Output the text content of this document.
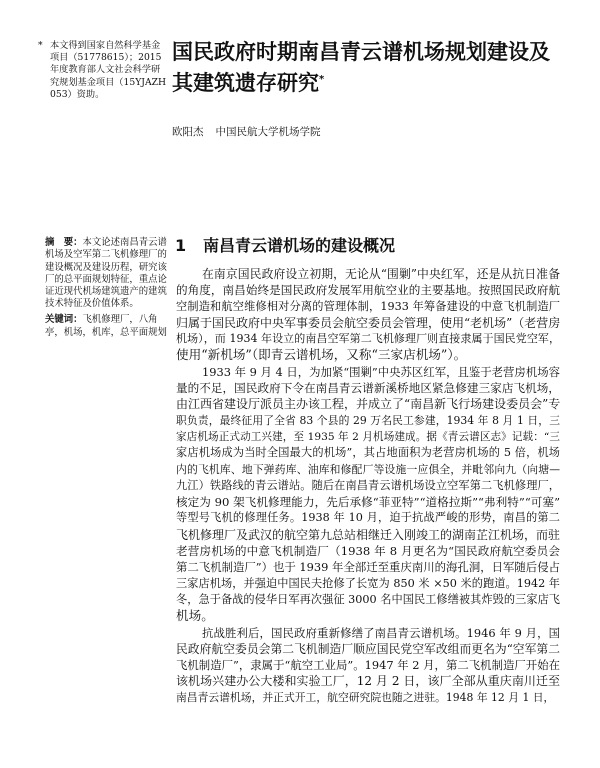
* 本文得到国家自然科学基金项目（51778615）；2015 年度教育部人文社会科学研究规划基金项目（15YJAZH053）资助。
国民政府时期南昌青云谱机场规划建设及
其建筑遗存研究*
欧阳杰 中国民航大学机场学院
摘　要：本文论述南昌青云谱机场及空军第二飞机修理厂的建设概况及建设历程，研究该厂的总平面规划特征，重点论证近现代机场建筑遗产的建筑技术特征及价值体系。
关键词：飞机修理厂，八角亭，机场，机库，总平面规划
1 南昌青云谱机场的建设概况
在南京国民政府设立初期，无论从“围剿”中央红军，还是从抗日准备
的角度，南昌始终是国民政府发展军用航空业的主要基地。按照国民政府航
空制造和航空维修相对分离的管理体制，1933 年筹备建设的中意飞机制造厂
归属于国民政府中央军事委员会航空委员会管理，使用“老机场”（老营房
机场），而 1934 年设立的南昌空军第二飞机修理厂则直接隶属于国民党空军，
使用“新机场”（即青云谱机场，又称“三家店机场”）。
1933 年 9 月 4 日，为加紧“围剿”中央苏区红军，且鉴于老营房机场容
量的不足，国民政府下令在南昌青云谱新溪桥地区紧急修建三家店飞机场，
由江西省建设厅派员主办该工程，并成立了“南昌新飞行场建设委员会”专
职负责，最终征用了全省 83 个县的 29 万名民工参建，1934 年 8 月 1 日，三
家店机场正式动工兴建，至 1935 年 2 月机场建成。据《青云谱区志》记载：“三
家店机场成为当时全国最大的机场”，其占地面积为老营房机场的 5 倍，机场
内的飞机库、地下弹药库、油库和修配厂等设施一应俱全，并毗邻向九（向塘—
九江）铁路线的青云谱站。随后在南昌青云谱机场设立空军第二飞机修理厂，
核定为 90 架飞机修理能力，先后承修“菲亚特”“道格拉斯”“弗利特”“可塞”
等型号飞机的修理任务。1938 年 10 月，迫于抗战严峻的形势，南昌的第二
飞机修理厂及武汉的航空第九总站相继迁入刚竣工的湖南芷江机场，而驻
老营房机场的中意飞机制造厂（1938 年 8 月更名为“国民政府航空委员会
第二飞机制造厂”）也于 1939 年全部迁至重庆南川的海孔洞，日军随后侵占
三家店机场，并强迫中国民夫抢修了长宽为 850 米 ×50 米的跑道。1942 年
冬，急于备战的侵华日军再次强征 3000 名中国民工修缮被其炸毁的三家店飞
机场。
抗战胜利后，国民政府重新修缮了南昌青云谱机场。1946 年 9 月，国
民政府航空委员会第二飞机制造厂顺应国民党空军改组而更名为“空军第二
飞机制造厂”，隶属于“航空工业局”。1947 年 2 月，第二飞机制造厂开始在
该机场兴建办公大楼和实验工厂，12 月 2 日，该厂全部从重庆南川迁至
南昌青云谱机场，并正式开工，航空研究院也随之进驻。1948 年 12 月 1 日，
